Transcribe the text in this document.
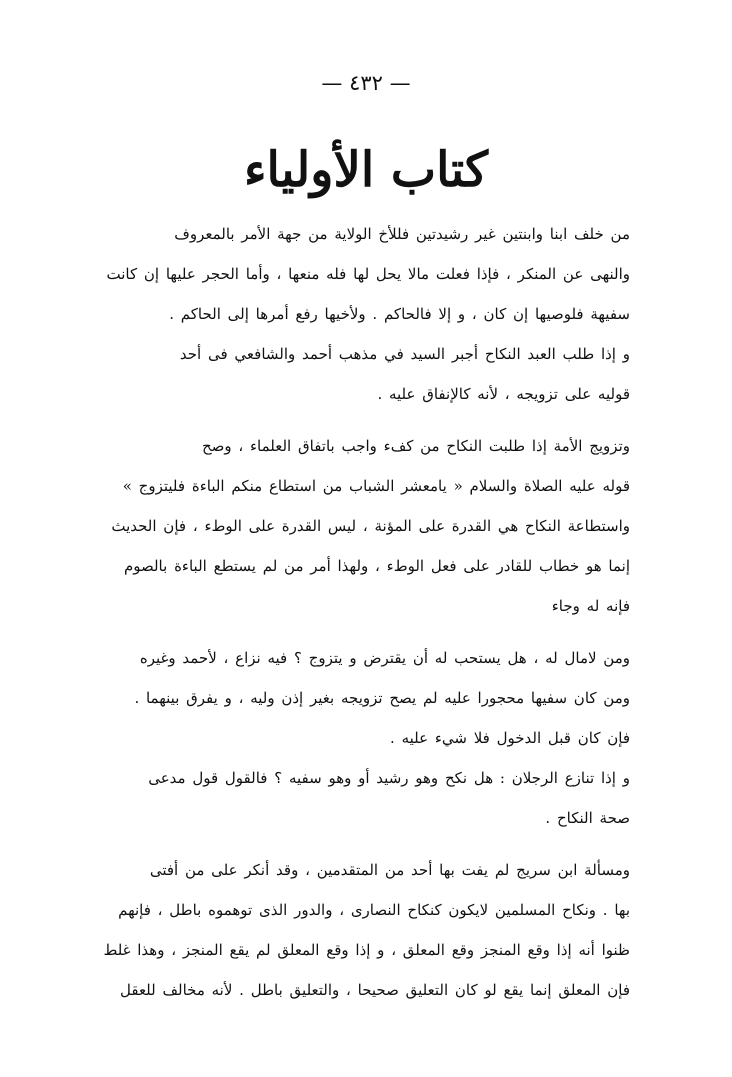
— ٤٣٢ —
كتاب الأولياء
من خلف ابنا وابنتين غير رشيدتين فللأخ الولاية من جهة الأمر بالمعروف
والنهى عن المنكر ، فإذا فعلت مالا يحل لها فله منعها ، وأما الحجر عليها إن كانت
سفيهة فلوصيها إن كان ، و إلا فالحاكم . ولأخيها رفع أمرها إلى الحاكم .
و إذا طلب العبد النكاح أجبر السيد في مذهب أحمد والشافعي فى أحد
قوليه على تزويجه ، لأنه كالإنفاق عليه .
وتزويج الأمة إذا طلبت النكاح من كفء واجب باتفاق العلماء ، وصح
قوله عليه الصلاة والسلام « يامعشر الشباب من استطاع منكم الباءة فليتزوج »
واستطاعة النكاح هي القدرة على المؤنة ، ليس القدرة على الوطء ، فإن الحديث
إنما هو خطاب للقادر على فعل الوطء ، ولهذا أمر من لم يستطع الباءة بالصوم
فإنه له وجاء
ومن لامال له ، هل يستحب له أن يقترض و يتزوج ؟ فيه نزاع ، لأحمد وغيره
ومن كان سفيها محجورا عليه لم يصح تزويجه بغير إذن وليه ، و يفرق بينهما .
فإن كان قبل الدخول فلا شيء عليه .
و إذا تنازع الرجلان : هل نكح وهو رشيد أو وهو سفيه ؟ فالقول قول مدعى
صحة النكاح .
ومسألة ابن سريج لم يفت بها أحد من المتقدمين ، وقد أنكر على من أفتى
بها . ونكاح المسلمين لايكون كنكاح النصارى ، والدور الذى توهموه باطل ، فإنهم
ظنوا أنه إذا وقع المنجز وقع المعلق ، و إذا وقع المعلق لم يقع المنجز ، وهذا غلط
فإن المعلق إنما يقع لو كان التعليق صحيحا ، والتعليق باطل . لأنه مخالف للعقل
